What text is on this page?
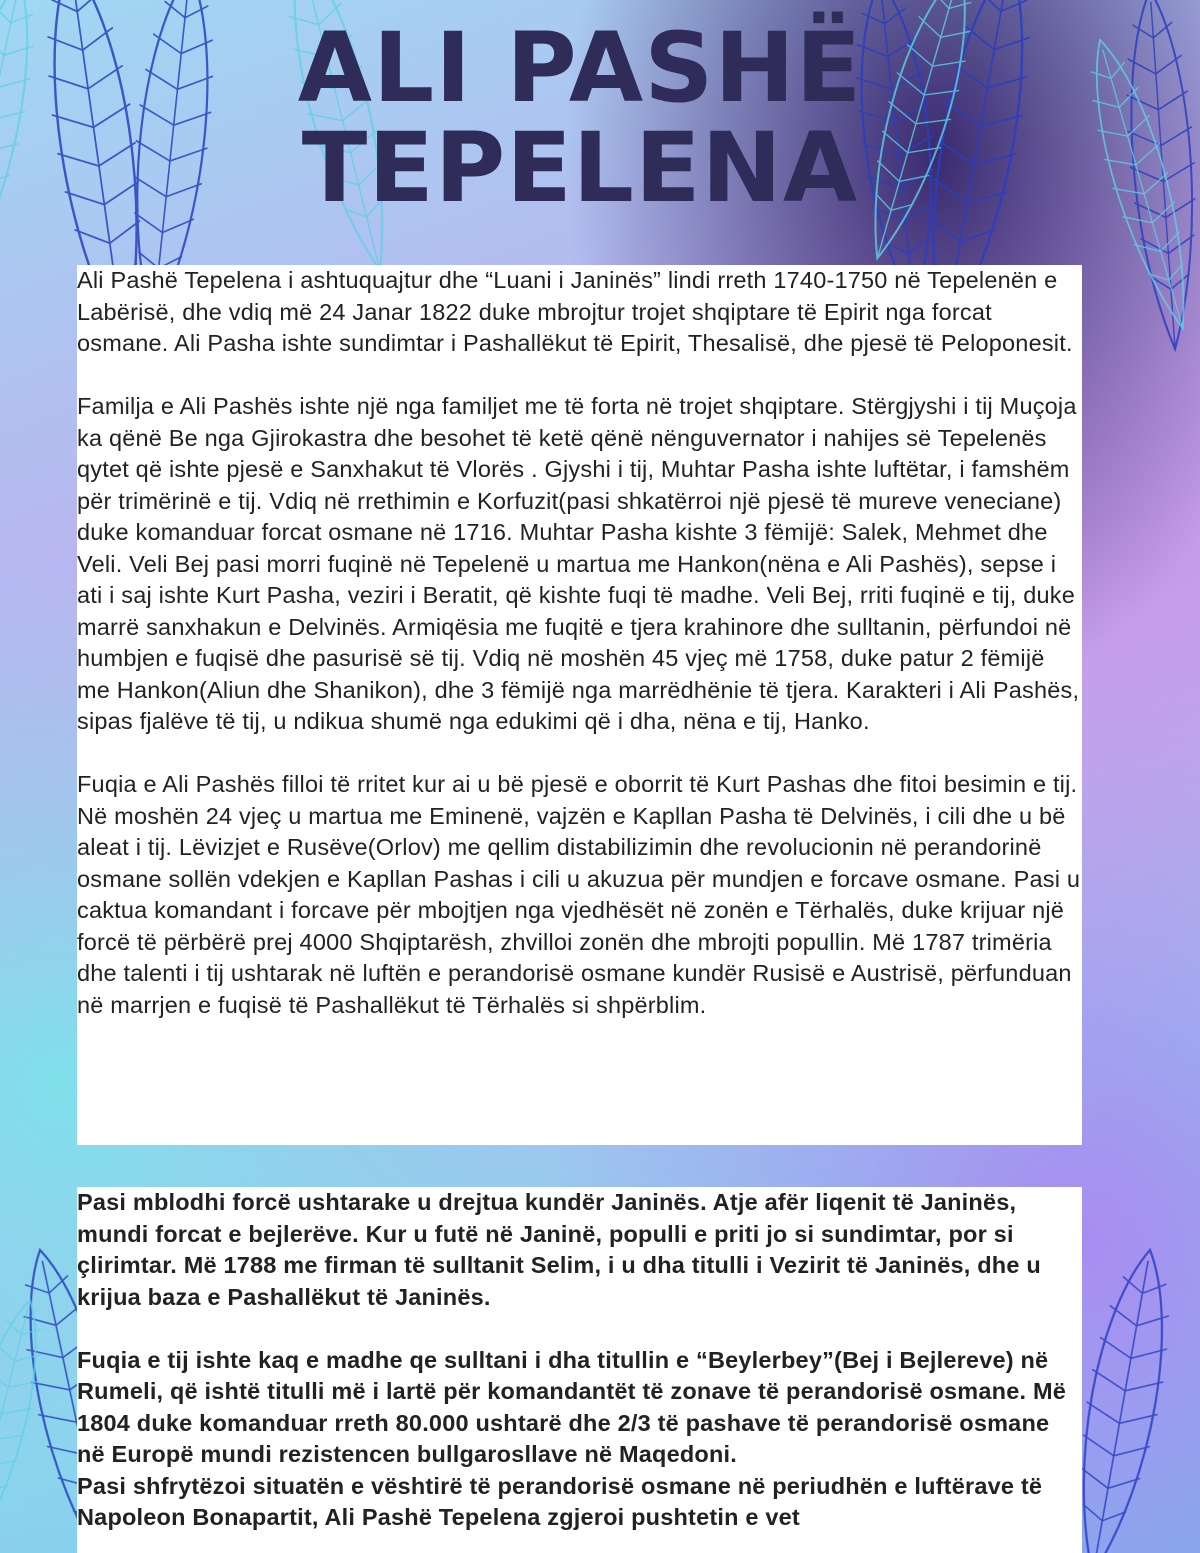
ALI PASHË
TEPELENA

Ali Pashë Tepelena i ashtuquajtur dhe “Luani i Janinës” lindi rreth 1740-1750 në Tepelenën e Labërisë, dhe vdiq më 24 Janar 1822 duke mbrojtur trojet shqiptare të Epirit nga forcat osmane. Ali Pasha ishte sundimtar i Pashallëkut të Epirit, Thesalisë, dhe pjesë të Peloponesit.

Familja e Ali Pashës ishte një nga familjet me të forta në trojet shqiptare. Stërgjyshi i tij Muçoja ka qënë Be nga Gjirokastra dhe besohet të ketë qënë nënguvernator i nahijes së Tepelenës qytet që ishte pjesë e Sanxhakut të Vlorës . Gjyshi i tij, Muhtar Pasha ishte luftëtar, i famshëm për trimërinë e tij. Vdiq në rrethimin e Korfuzit(pasi shkatërroi një pjesë të mureve veneciane) duke komanduar forcat osmane në 1716. Muhtar Pasha kishte 3 fëmijë: Salek, Mehmet dhe Veli. Veli Bej pasi morri fuqinë në Tepelenë u martua me Hankon(nëna e Ali Pashës), sepse i ati i saj ishte Kurt Pasha, veziri i Beratit, që kishte fuqi të madhe. Veli Bej, rriti fuqinë e tij, duke marrë sanxhakun e Delvinës. Armiqësia me fuqitë e tjera krahinore dhe sulltanin, përfundoi në humbjen e fuqisë dhe pasurisë së tij. Vdiq në moshën 45 vjeç më 1758, duke patur 2 fëmijë me Hankon(Aliun dhe Shanikon), dhe 3 fëmijë nga marrëdhënie të tjera. Karakteri i Ali Pashës, sipas fjalëve të tij, u ndikua shumë nga edukimi që i dha, nëna e tij, Hanko.

Fuqia e Ali Pashës filloi të rritet kur ai u bë pjesë e oborrit të Kurt Pashas dhe fitoi besimin e tij. Në moshën 24 vjeç u martua me Eminenë, vajzën e Kapllan Pasha të Delvinës, i cili dhe u bë aleat i tij. Lëvizjet e Rusëve(Orlov) me qellim distabilizimin dhe revolucionin në perandorinë osmane sollën vdekjen e Kapllan Pashas i cili u akuzua për mundjen e forcave osmane. Pasi u caktua komandant i forcave për mbojtjen nga vjedhësët në zonën e Tërhalës, duke krijuar një forcë të përbërë prej 4000 Shqiptarësh, zhvilloi zonën dhe mbrojti popullin. Më 1787 trimëria dhe talenti i tij ushtarak në luftën e perandorisë osmane kundër Rusisë e Austrisë, përfunduan në marrjen e fuqisë të Pashallëkut të Tërhalës si shpërblim.

Pasi mblodhi forcë ushtarake u drejtua kundër Janinës. Atje afër liqenit të Janinës, mundi forcat e bejlerëve. Kur u futë në Janinë, populli e priti jo si sundimtar, por si çlirimtar. Më 1788 me firman të sulltanit Selim, i u dha titulli i Vezirit të Janinës, dhe u krijua baza e Pashallëkut të Janinës.

Fuqia e tij ishte kaq e madhe qe sulltani i dha titullin e “Beylerbey”(Bej i Bejlereve) në Rumeli, që ishtë titulli më i lartë për komandantët të zonave të perandorisë osmane. Më 1804 duke komanduar rreth 80.000 ushtarë dhe 2/3 të pashave të perandorisë osmane në Europë mundi rezistencen bullgarosllave në Maqedoni.

Pasi shfrytëzoi situatën e vështirë të perandorisë osmane në periudhën e luftërave të Napoleon Bonapartit, Ali Pashë Tepelena zgjeroi pushtetin e vet
